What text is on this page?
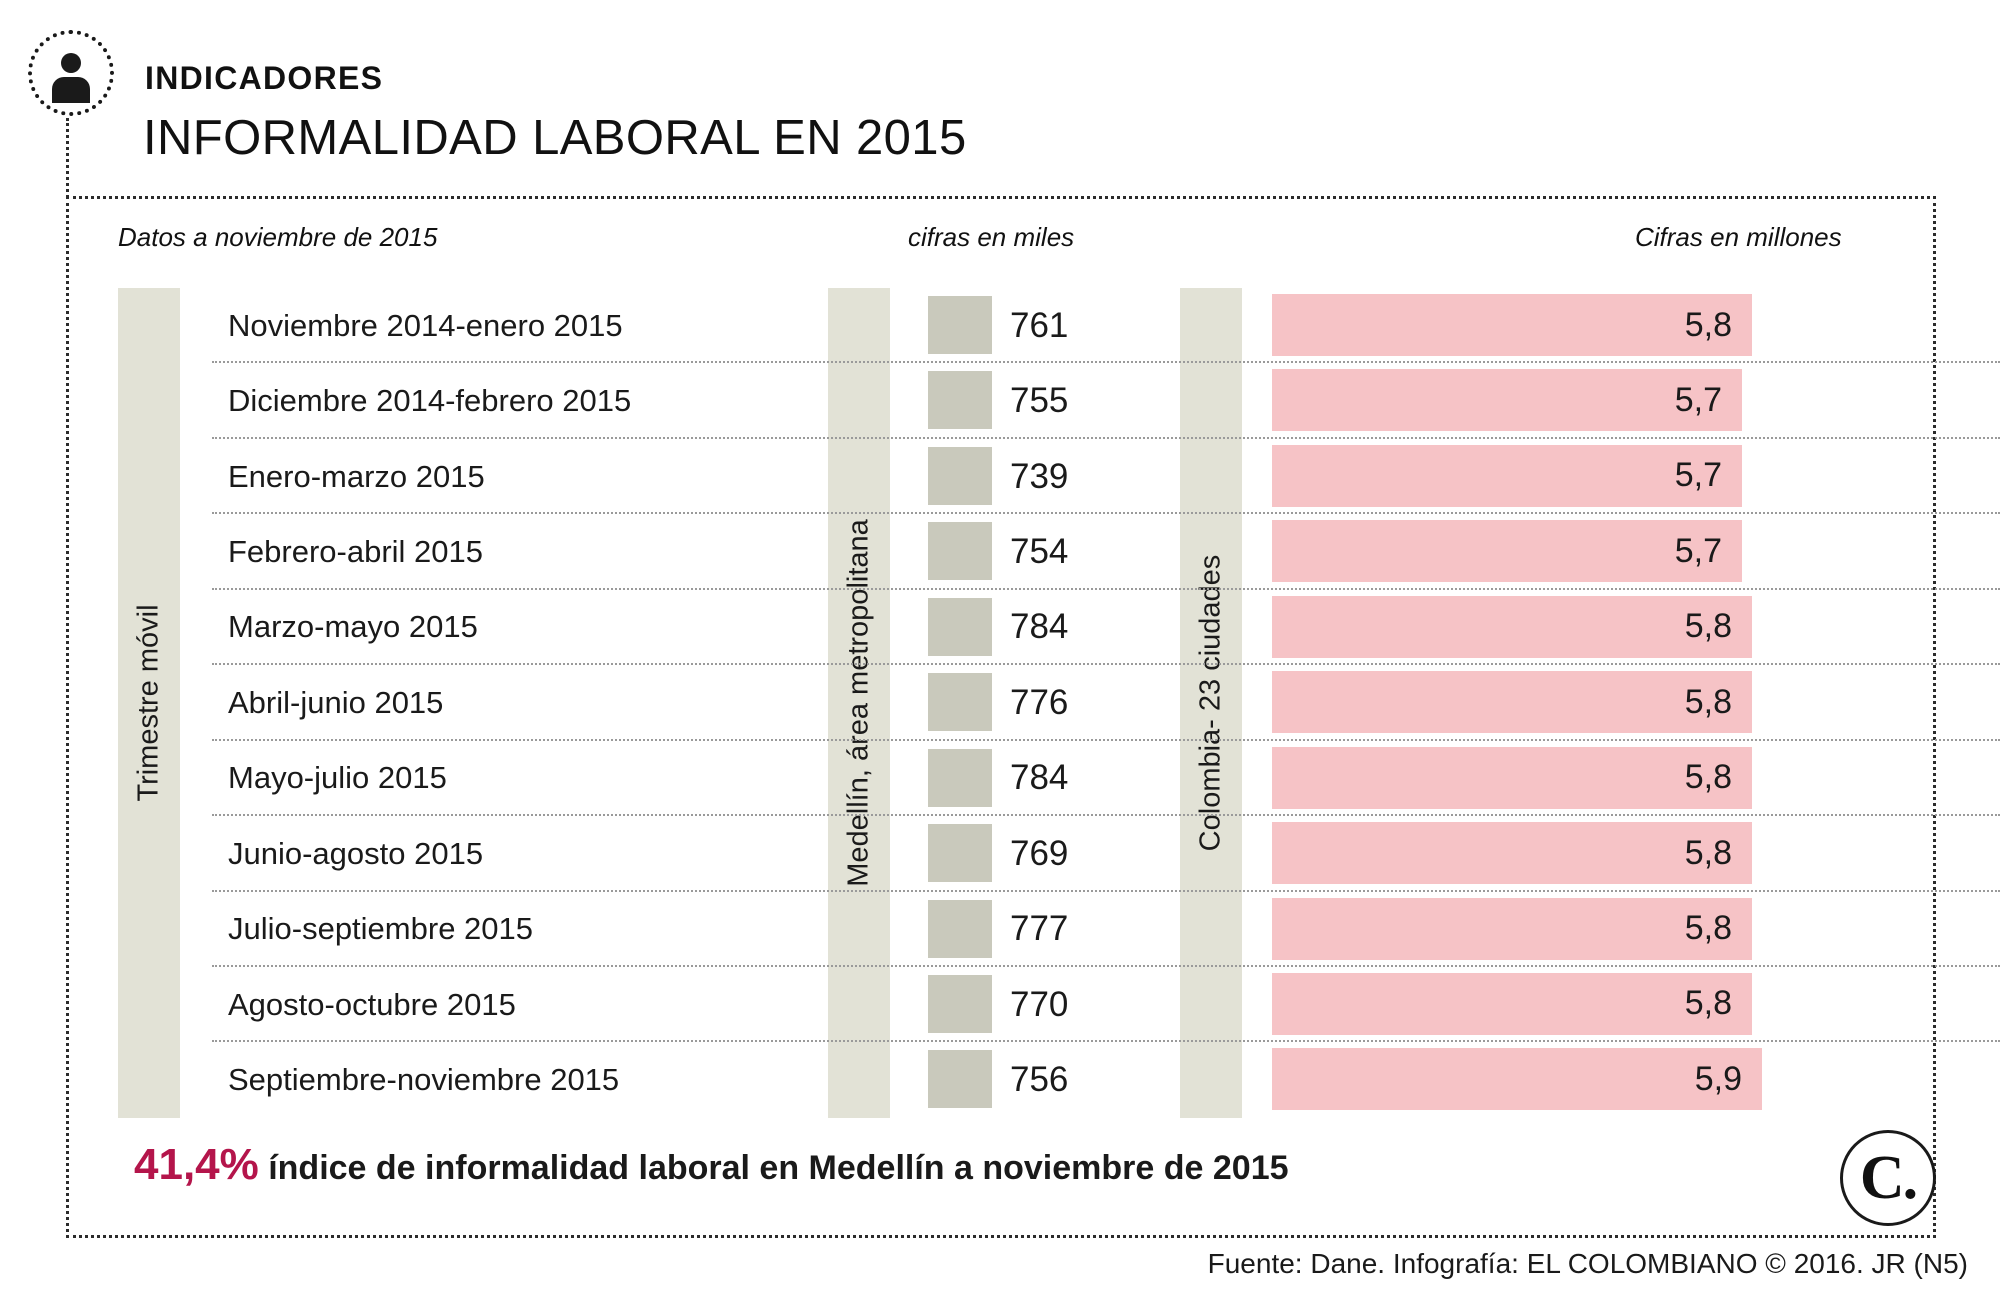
INDICADORES
INFORMALIDAD LABORAL EN 2015
Datos a noviembre de 2015	cifras en miles	Cifras en millones
Trimestre móvil	Medellín, área metropolitana	Colombia- 23 ciudades
Noviembre 2014-enero 2015	761	5,8
Diciembre 2014-febrero 2015	755	5,7
Enero-marzo 2015	739	5,7
Febrero-abril 2015	754	5,7
Marzo-mayo 2015	784	5,8
Abril-junio 2015	776	5,8
Mayo-julio 2015	784	5,8
Junio-agosto 2015	769	5,8
Julio-septiembre 2015	777	5,8
Agosto-octubre 2015	770	5,8
Septiembre-noviembre 2015	756	5,9
41,4% índice de informalidad laboral en Medellín a noviembre de 2015	C.
Fuente: Dane. Infografía: EL COLOMBIANO © 2016. JR (N5)
